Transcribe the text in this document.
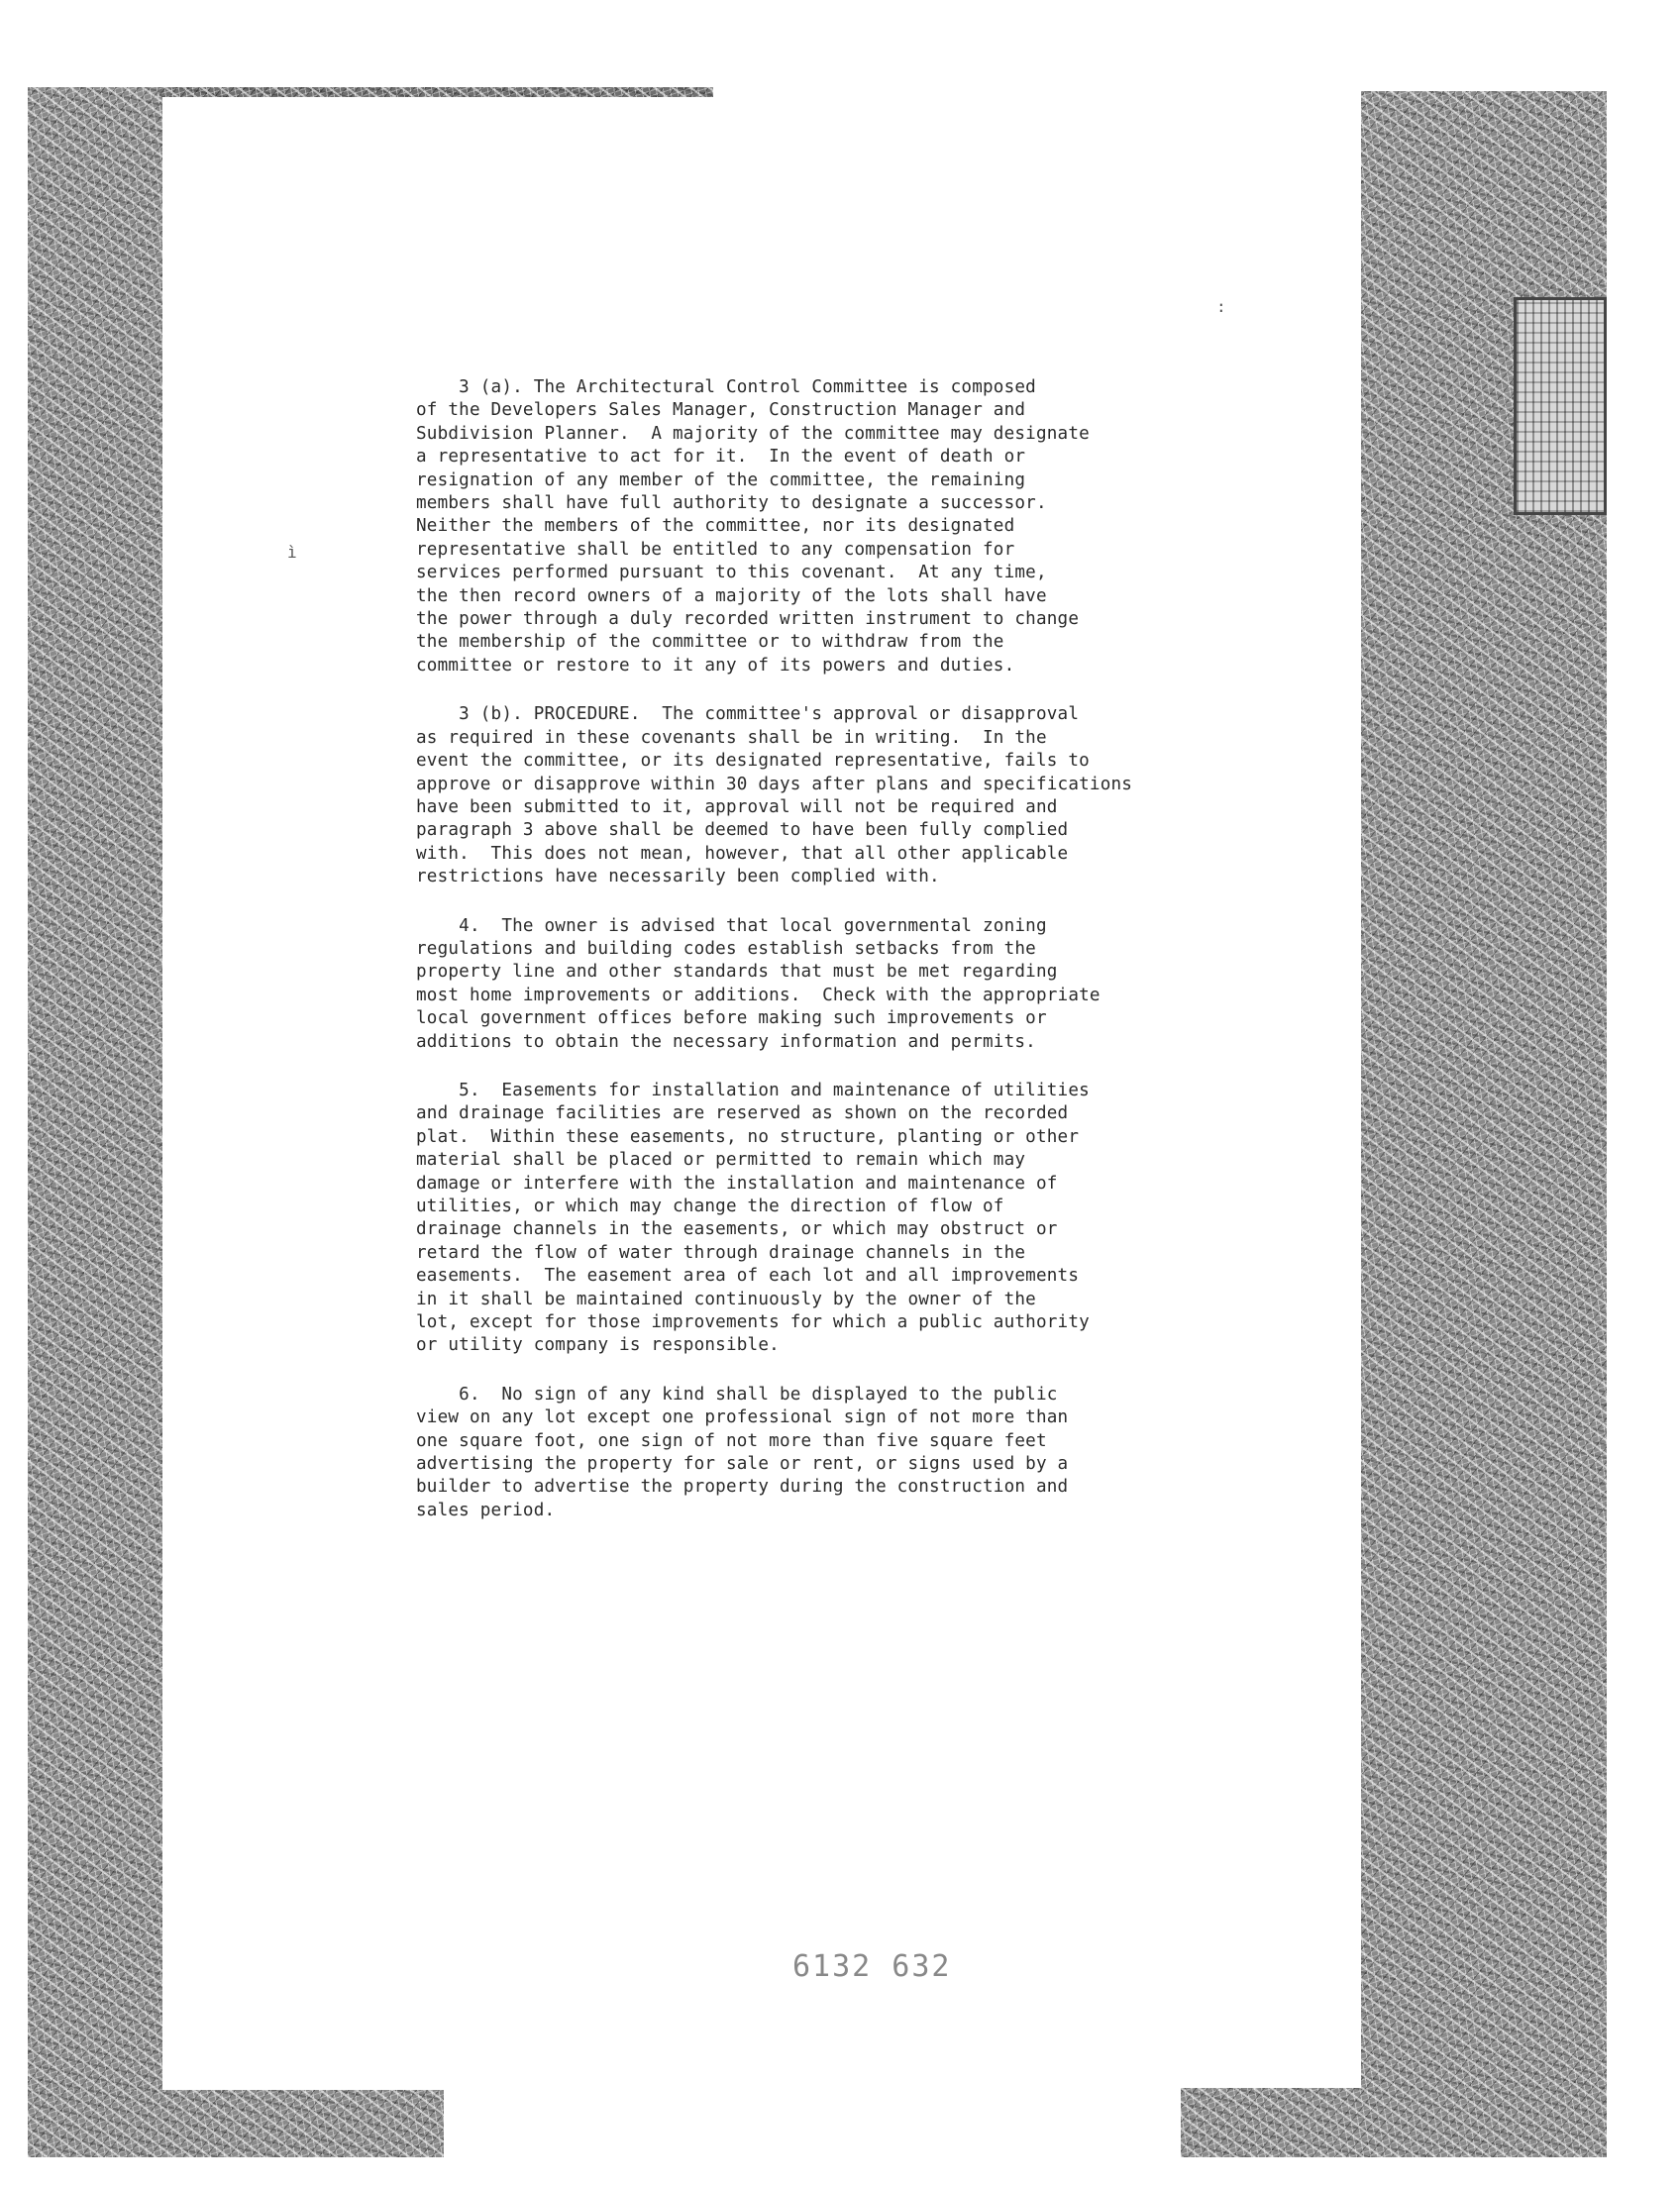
:
ì

3 (a). The Architectural Control Committee is composed
of the Developers Sales Manager, Construction Manager and
Subdivision Planner.  A majority of the committee may designate
a representative to act for it.  In the event of death or
resignation of any member of the committee, the remaining
members shall have full authority to designate a successor.
Neither the members of the committee, nor its designated
representative shall be entitled to any compensation for
services performed pursuant to this covenant.  At any time,
the then record owners of a majority of the lots shall have
the power through a duly recorded written instrument to change
the membership of the committee or to withdraw from the
committee or restore to it any of its powers and duties.

3 (b). PROCEDURE.  The committee's approval or disapproval
as required in these covenants shall be in writing.  In the
event the committee, or its designated representative, fails to
approve or disapprove within 30 days after plans and specifications
have been submitted to it, approval will not be required and
paragraph 3 above shall be deemed to have been fully complied
with.  This does not mean, however, that all other applicable
restrictions have necessarily been complied with.

4.  The owner is advised that local governmental zoning
regulations and building codes establish setbacks from the
property line and other standards that must be met regarding
most home improvements or additions.  Check with the appropriate
local government offices before making such improvements or
additions to obtain the necessary information and permits.

5.  Easements for installation and maintenance of utilities
and drainage facilities are reserved as shown on the recorded
plat.  Within these easements, no structure, planting or other
material shall be placed or permitted to remain which may
damage or interfere with the installation and maintenance of
utilities, or which may change the direction of flow of
drainage channels in the easements, or which may obstruct or
retard the flow of water through drainage channels in the
easements.  The easement area of each lot and all improvements
in it shall be maintained continuously by the owner of the
lot, except for those improvements for which a public authority
or utility company is responsible.

6.  No sign of any kind shall be displayed to the public
view on any lot except one professional sign of not more than
one square foot, one sign of not more than five square feet
advertising the property for sale or rent, or signs used by a
builder to advertise the property during the construction and
sales period.

6132 632
